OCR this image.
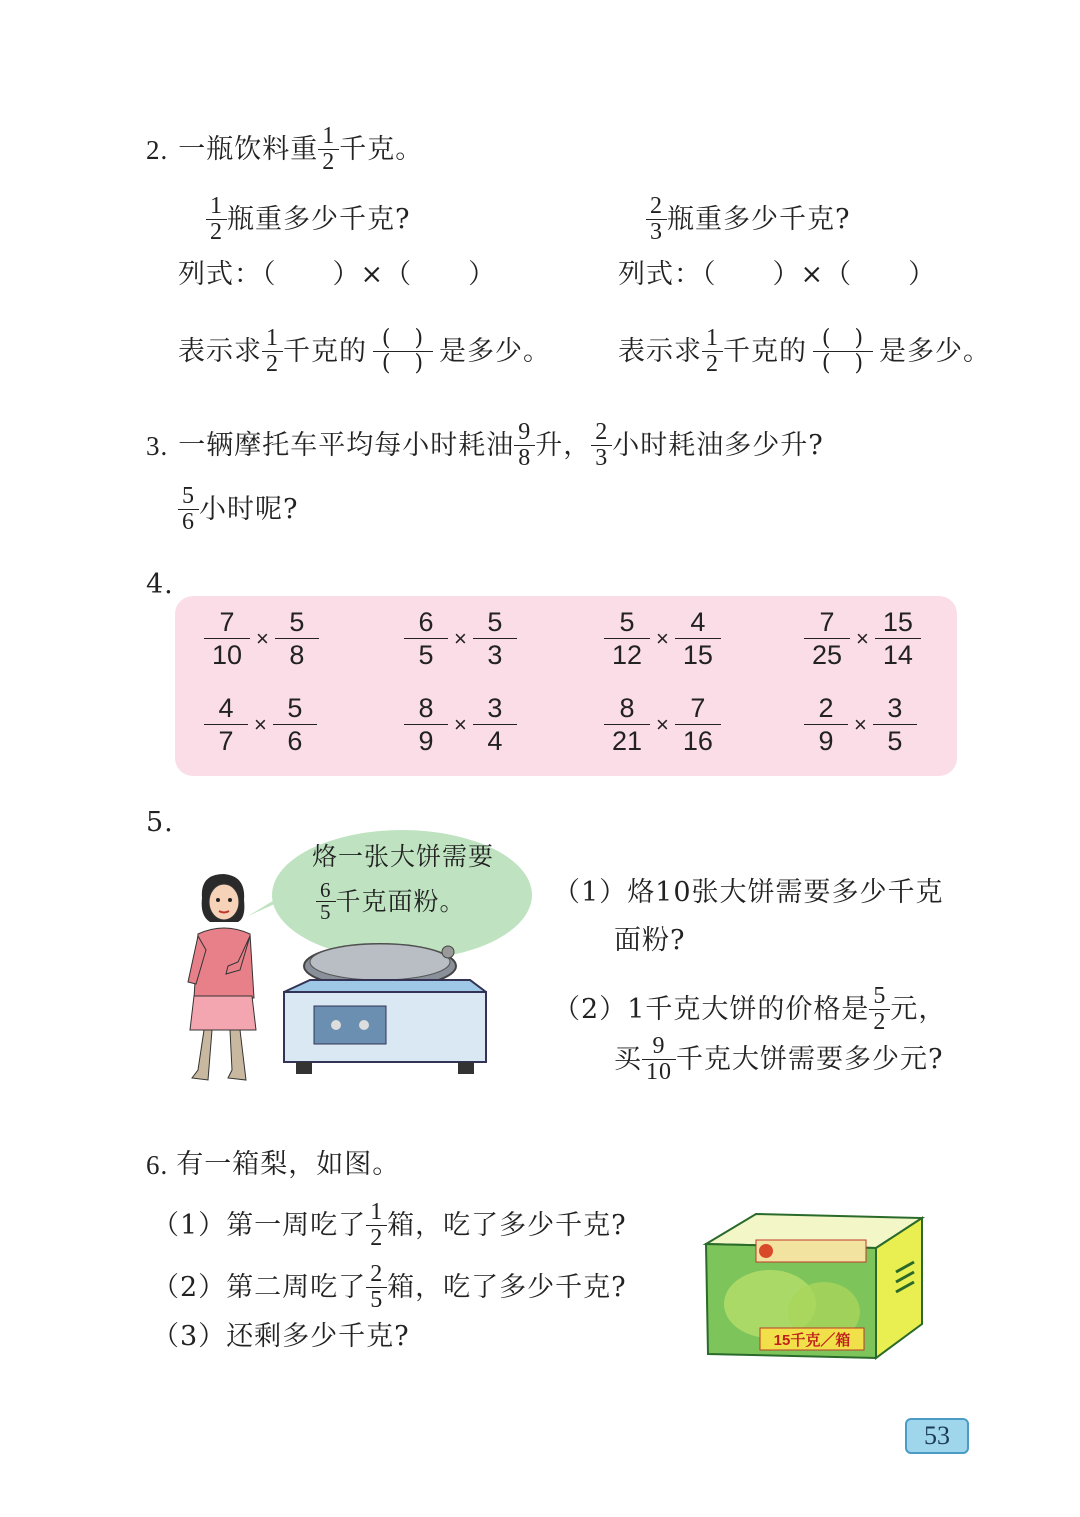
2. 一瓶饮料重 $\frac{1}{2}$ 千克。
$\frac{1}{2}$ 瓶重多少千克?	$\frac{2}{3}$ 瓶重多少千克?
列式：（　　）×（　　）	列式：（　　）×（　　）
表示求 $\frac{1}{2}$ 千克的 $\frac{( )}{( )}$ 是多少。 表示求 $\frac{1}{2}$ 千克的 $\frac{( )}{( )}$ 是多少。
3. 一辆摩托车平均每小时耗油 $\frac{9}{8}$ 升， $\frac{2}{3}$ 小时耗油多少升?
$\frac{5}{6}$ 小时呢?
4.
$\frac{7}{10} \times \frac{5}{8}$	$\frac{6}{5} \times \frac{5}{3}$	$\frac{5}{12} \times \frac{4}{15}$	$\frac{7}{25} \times \frac{15}{14}$
$\frac{4}{7} \times \frac{5}{6}$	$\frac{8}{9} \times \frac{3}{4}$	$\frac{8}{21} \times \frac{7}{16}$	$\frac{2}{9} \times \frac{3}{5}$
5.
烙一张大饼需要
$\frac{6}{5}$ 千克面粉。	（1） 烙10张大饼需要多少千克
面粉?
（2） 1千克大饼的价格是 $\frac{5}{2}$ 元，
买 $\frac{9}{10}$ 千克大饼需要多少元?
6. 有一箱梨，如图。
（1） 第一周吃了 $\frac{1}{2}$ 箱，吃了多少千克?
（2） 第二周吃了 $\frac{2}{5}$ 箱，吃了多少千克?
（3） 还剩多少千克?	15千克／箱
53
